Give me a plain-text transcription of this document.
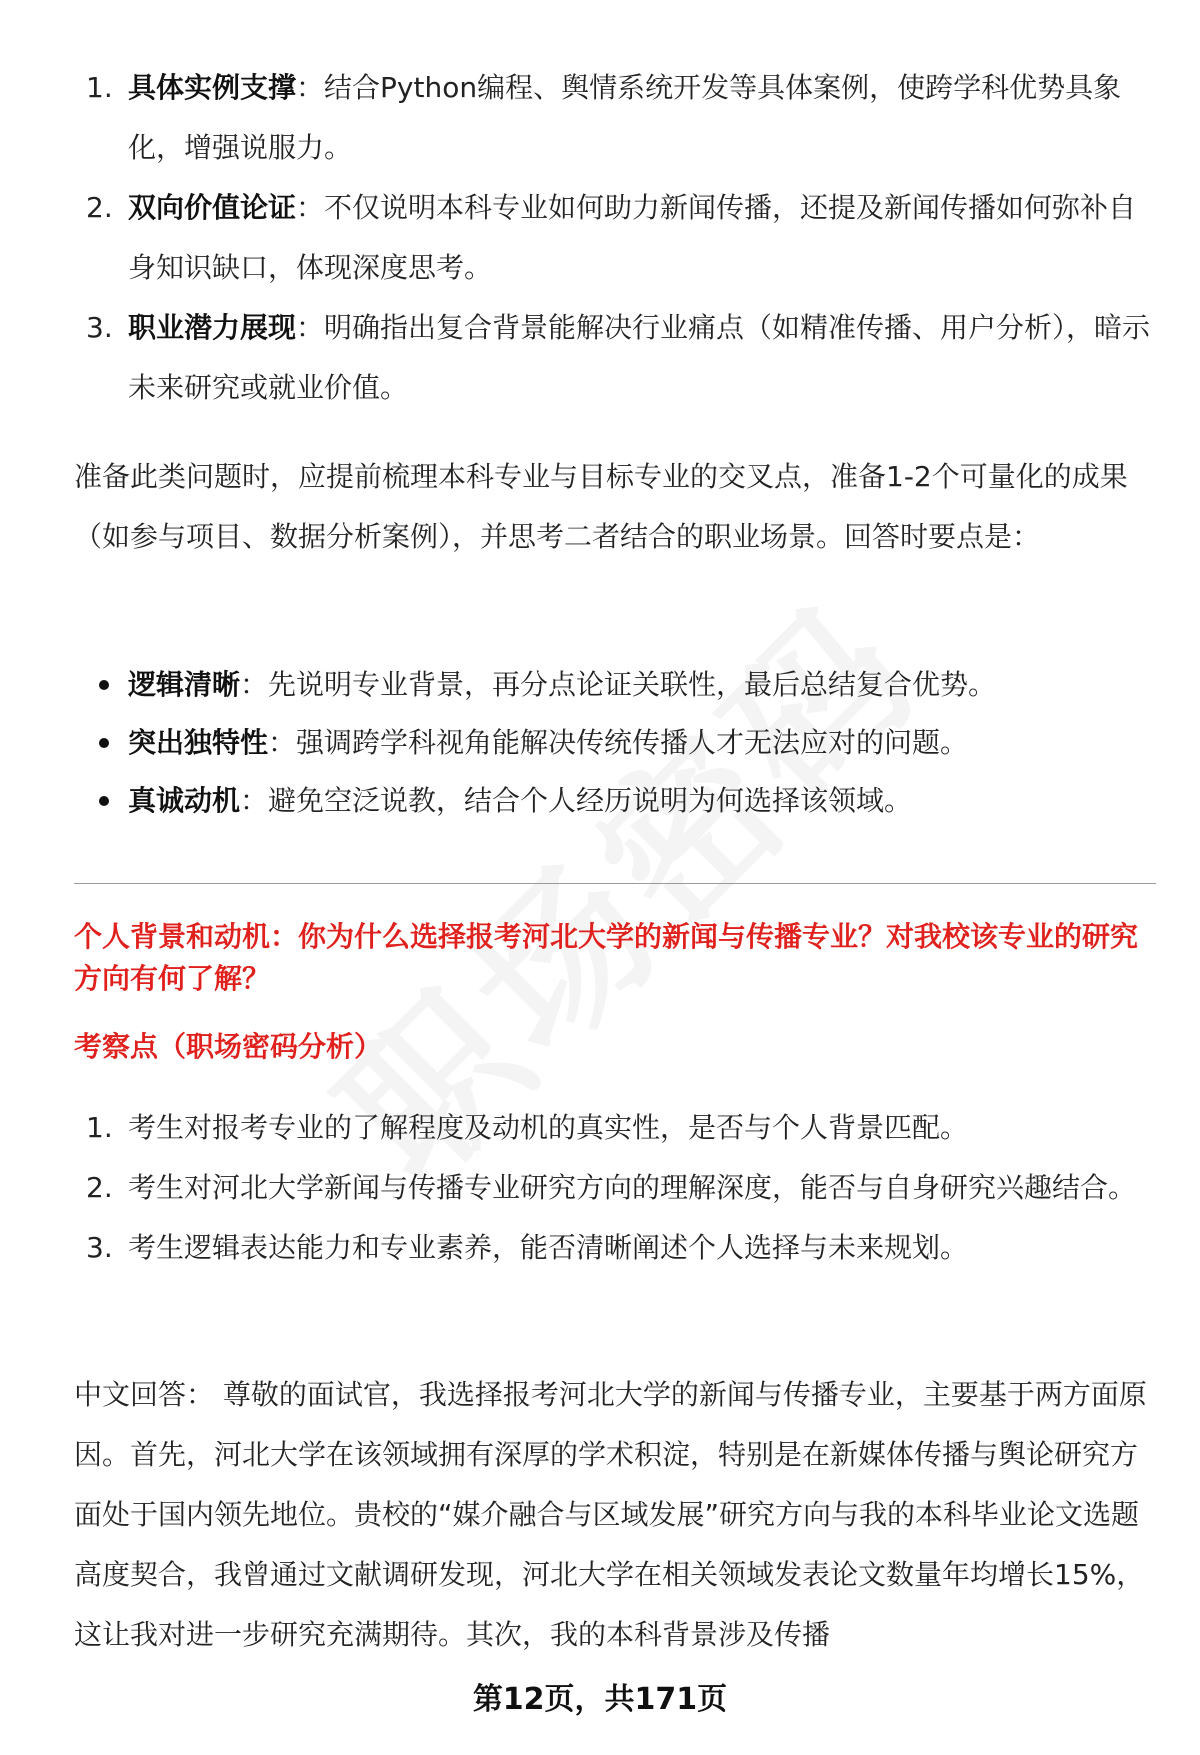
1. 具体实例支撑：结合Python编程、舆情系统开发等具体案例，使跨学科优势具象化，增强说服力。
2. 双向价值论证：不仅说明本科专业如何助力新闻传播，还提及新闻传播如何弥补自身知识缺口，体现深度思考。
3. 职业潜力展现：明确指出复合背景能解决行业痛点（如精准传播、用户分析），暗示未来研究或就业价值。
准备此类问题时，应提前梳理本科专业与目标专业的交叉点，准备1-2个可量化的成果（如参与项目、数据分析案例），并思考二者结合的职业场景。回答时要点是：
逻辑清晰：先说明专业背景，再分点论证关联性，最后总结复合优势。
突出独特性：强调跨学科视角能解决传统传播人才无法应对的问题。
真诚动机：避免空泛说教，结合个人经历说明为何选择该领域。
个人背景和动机：你为什么选择报考河北大学的新闻与传播专业？对我校该专业的研究方向有何了解？
考察点（职场密码分析）
1. 考生对报考专业的了解程度及动机的真实性，是否与个人背景匹配。
2. 考生对河北大学新闻与传播专业研究方向的理解深度，能否与自身研究兴趣结合。
3. 考生逻辑表达能力和专业素养，能否清晰阐述个人选择与未来规划。
中文回答： 尊敬的面试官，我选择报考河北大学的新闻与传播专业，主要基于两方面原因。首先，河北大学在该领域拥有深厚的学术积淀，特别是在新媒体传播与舆论研究方面处于国内领先地位。贵校的“媒介融合与区域发展”研究方向与我的本科毕业论文选题高度契合，我曾通过文献调研发现，河北大学在相关领域发表论文数量年均增长15%，这让我对进一步研究充满期待。其次，我的本科背景涉及传播
第12页，共171页
